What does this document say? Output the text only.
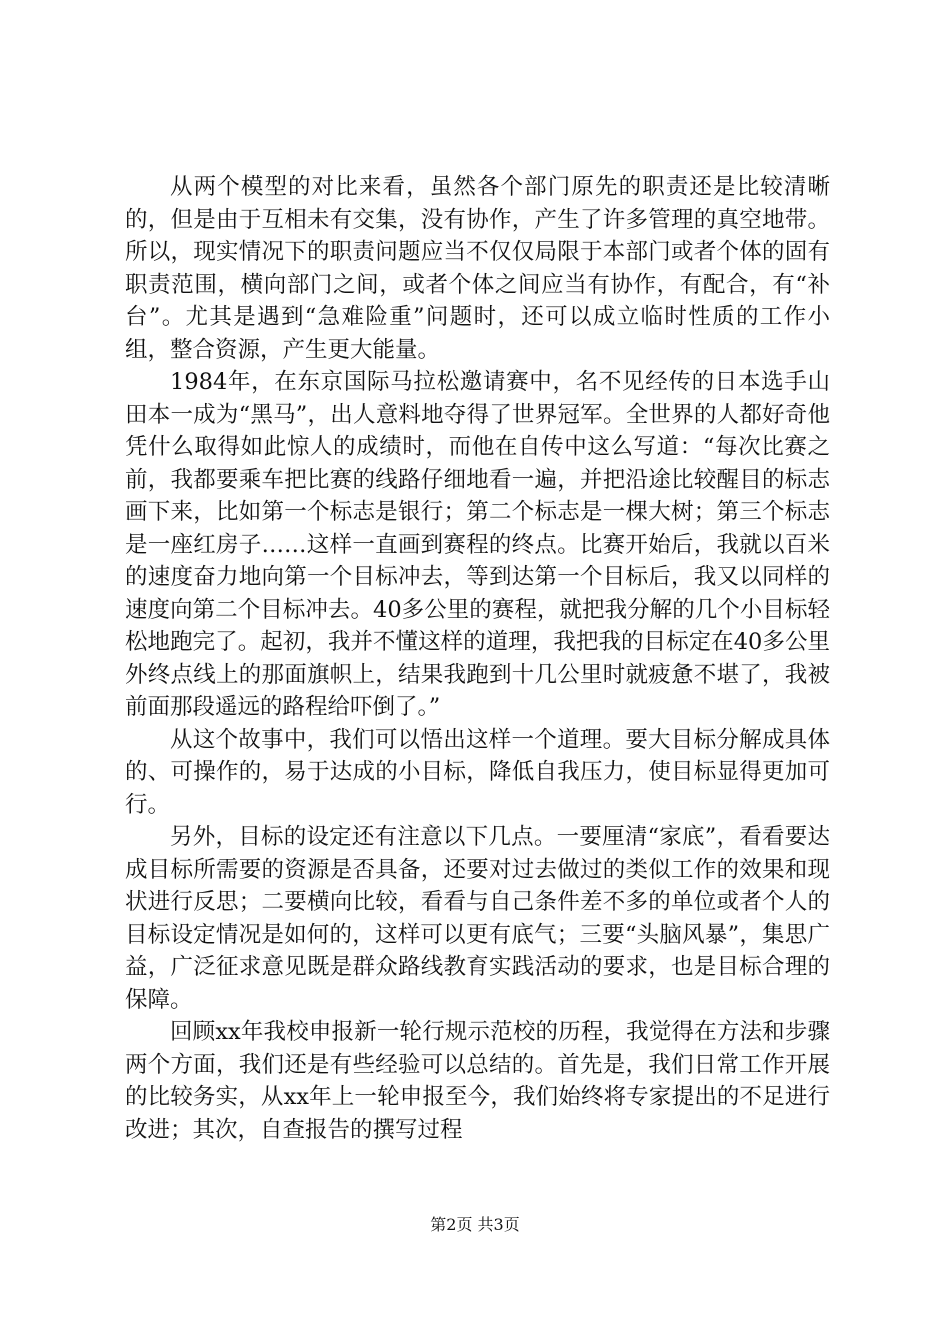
从两个模型的对比来看，虽然各个部门原先的职责还是比较清晰的，但是由于互相未有交集，没有协作，产生了许多管理的真空地带。所以，现实情况下的职责问题应当不仅仅局限于本部门或者个体的固有职责范围，横向部门之间，或者个体之间应当有协作，有配合，有“补台”。尤其是遇到“急难险重”问题时，还可以成立临时性质的工作小组，整合资源，产生更大能量。

1984年，在东京国际马拉松邀请赛中，名不见经传的日本选手山田本一成为“黑马”，出人意料地夺得了世界冠军。全世界的人都好奇他凭什么取得如此惊人的成绩时，而他在自传中这么写道：“每次比赛之前，我都要乘车把比赛的线路仔细地看一遍，并把沿途比较醒目的标志画下来，比如第一个标志是银行；第二个标志是一棵大树；第三个标志是一座红房子……这样一直画到赛程的终点。比赛开始后，我就以百米的速度奋力地向第一个目标冲去，等到达第一个目标后，我又以同样的速度向第二个目标冲去。40多公里的赛程，就把我分解的几个小目标轻松地跑完了。起初，我并不懂这样的道理，我把我的目标定在40多公里外终点线上的那面旗帜上，结果我跑到十几公里时就疲惫不堪了，我被前面那段遥远的路程给吓倒了。”

从这个故事中，我们可以悟出这样一个道理。要大目标分解成具体的、可操作的，易于达成的小目标，降低自我压力，使目标显得更加可行。

另外，目标的设定还有注意以下几点。一要厘清“家底”，看看要达成目标所需要的资源是否具备，还要对过去做过的类似工作的效果和现状进行反思；二要横向比较，看看与自己条件差不多的单位或者个人的目标设定情况是如何的，这样可以更有底气；三要“头脑风暴”，集思广益，广泛征求意见既是群众路线教育实践活动的要求，也是目标合理的保障。

回顾xx年我校申报新一轮行规示范校的历程，我觉得在方法和步骤两个方面，我们还是有些经验可以总结的。首先是，我们日常工作开展的比较务实，从xx年上一轮申报至今，我们始终将专家提出的不足进行改进；其次，自查报告的撰写过程

第2页 共3页
